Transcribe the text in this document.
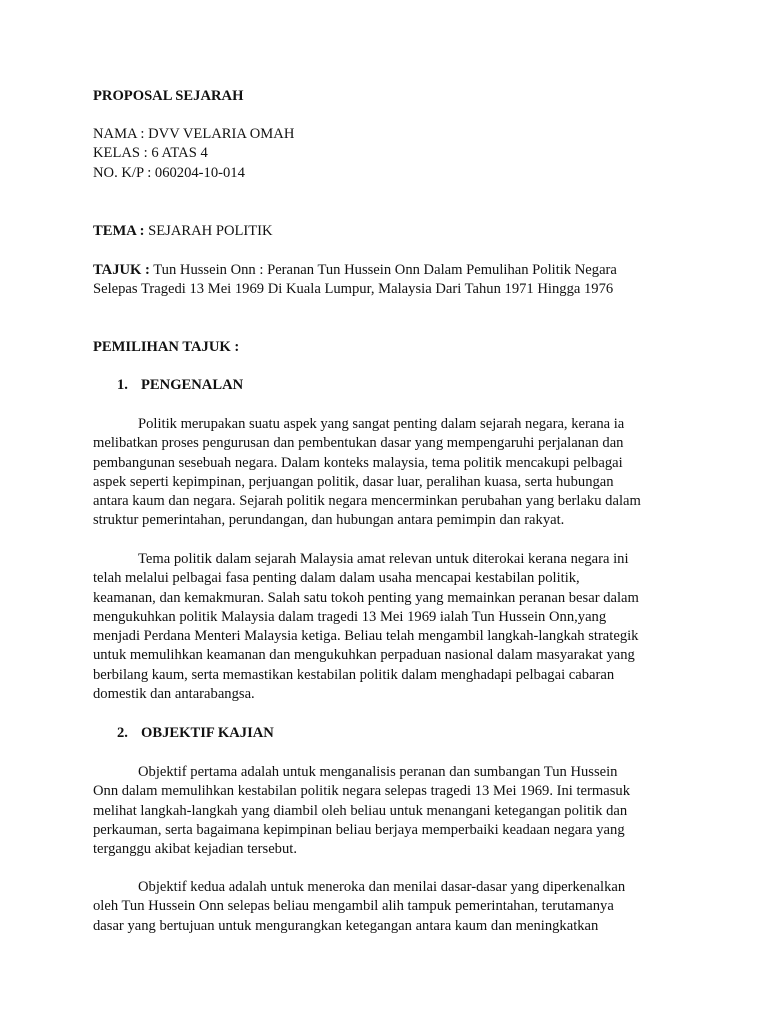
PROPOSAL SEJARAH
NAMA : DVV VELARIA OMAH
KELAS : 6 ATAS 4
NO. K/P : 060204-10-014
TEMA : SEJARAH POLITIK
TAJUK : Tun Hussein Onn : Peranan Tun Hussein Onn Dalam Pemulihan Politik Negara
Selepas Tragedi 13 Mei 1969 Di Kuala Lumpur, Malaysia Dari Tahun 1971 Hingga 1976
PEMILIHAN TAJUK :
1. PENGENALAN
Politik merupakan suatu aspek yang sangat penting dalam sejarah negara, kerana ia
melibatkan proses pengurusan dan pembentukan dasar yang mempengaruhi perjalanan dan
pembangunan sesebuah negara. Dalam konteks malaysia, tema politik mencakupi pelbagai
aspek seperti kepimpinan, perjuangan politik, dasar luar, peralihan kuasa, serta hubungan
antara kaum dan negara. Sejarah politik negara mencerminkan perubahan yang berlaku dalam
struktur pemerintahan, perundangan, dan hubungan antara pemimpin dan rakyat.
Tema politik dalam sejarah Malaysia amat relevan untuk diterokai kerana negara ini
telah melalui pelbagai fasa penting dalam dalam usaha mencapai kestabilan politik,
keamanan, dan kemakmuran. Salah satu tokoh penting yang memainkan peranan besar dalam
mengukuhkan politik Malaysia dalam tragedi 13 Mei 1969 ialah Tun Hussein Onn,yang
menjadi Perdana Menteri Malaysia ketiga. Beliau telah mengambil langkah-langkah strategik
untuk memulihkan keamanan dan mengukuhkan perpaduan nasional dalam masyarakat yang
berbilang kaum, serta memastikan kestabilan politik dalam menghadapi pelbagai cabaran
domestik dan antarabangsa.
2. OBJEKTIF KAJIAN
Objektif pertama adalah untuk menganalisis peranan dan sumbangan Tun Hussein
Onn dalam memulihkan kestabilan politik negara selepas tragedi 13 Mei 1969. Ini termasuk
melihat langkah-langkah yang diambil oleh beliau untuk menangani ketegangan politik dan
perkauman, serta bagaimana kepimpinan beliau berjaya memperbaiki keadaan negara yang
terganggu akibat kejadian tersebut.
Objektif kedua adalah untuk meneroka dan menilai dasar-dasar yang diperkenalkan
oleh Tun Hussein Onn selepas beliau mengambil alih tampuk pemerintahan, terutamanya
dasar yang bertujuan untuk mengurangkan ketegangan antara kaum dan meningkatkan
